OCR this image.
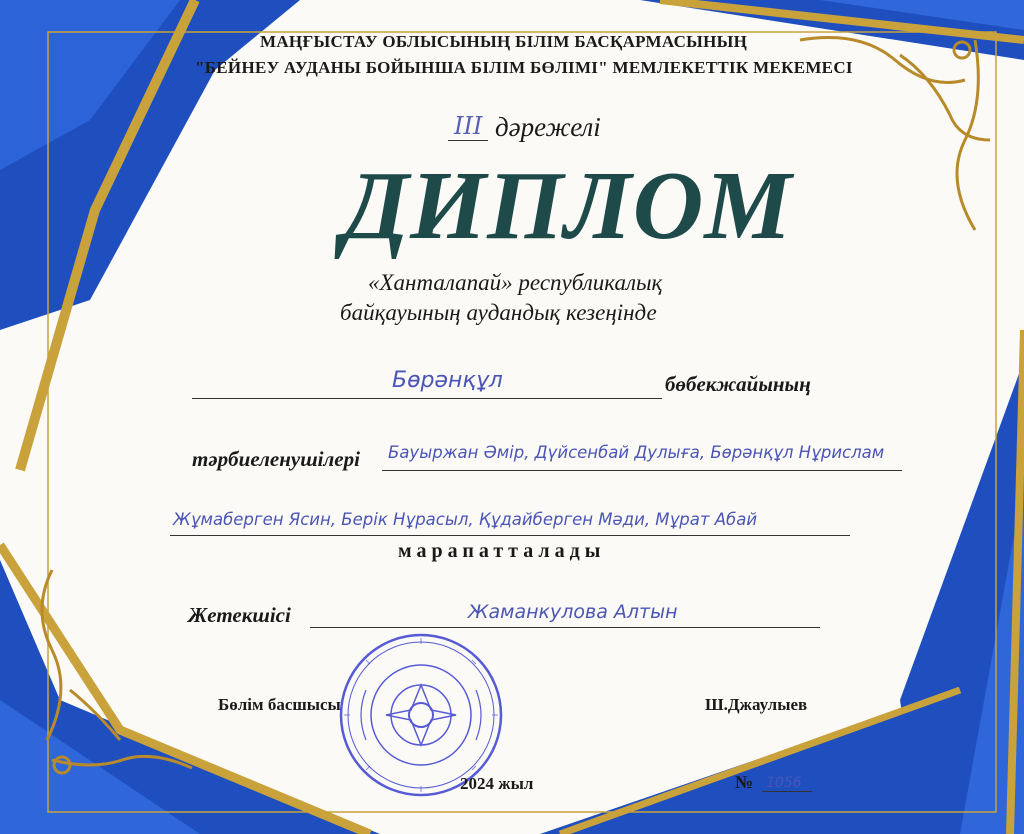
МАҢҒЫСТАУ ОБЛЫСЫНЫҢ БІЛІМ БАСҚАРМАСЫНЫҢ
"БЕЙНЕУ АУДАНЫ БОЙЫНША БІЛІМ БӨЛІМІ" МЕМЛЕКЕТТІК МЕКЕМЕСІ
III дәрежелі
ДИПЛОМ
«Ханталапай» республикалық
байқауының аудандық кезеңінде
Бөрәнқұл	бөбекжайының
тәрбиеленушілері Бауыржан Әмір, Дүйсенбай Дулыға, Бөрәнқұл Нұрислам
Жұмаберген Ясин, Берік Нұрасыл, Құдайберген Мәди, Мұрат Абай
марапатталады
Жетекшісі	Жаманкулова Алтын
Бөлім басшысы	Ш.Джаулыев
2024 жыл	№ 1056
